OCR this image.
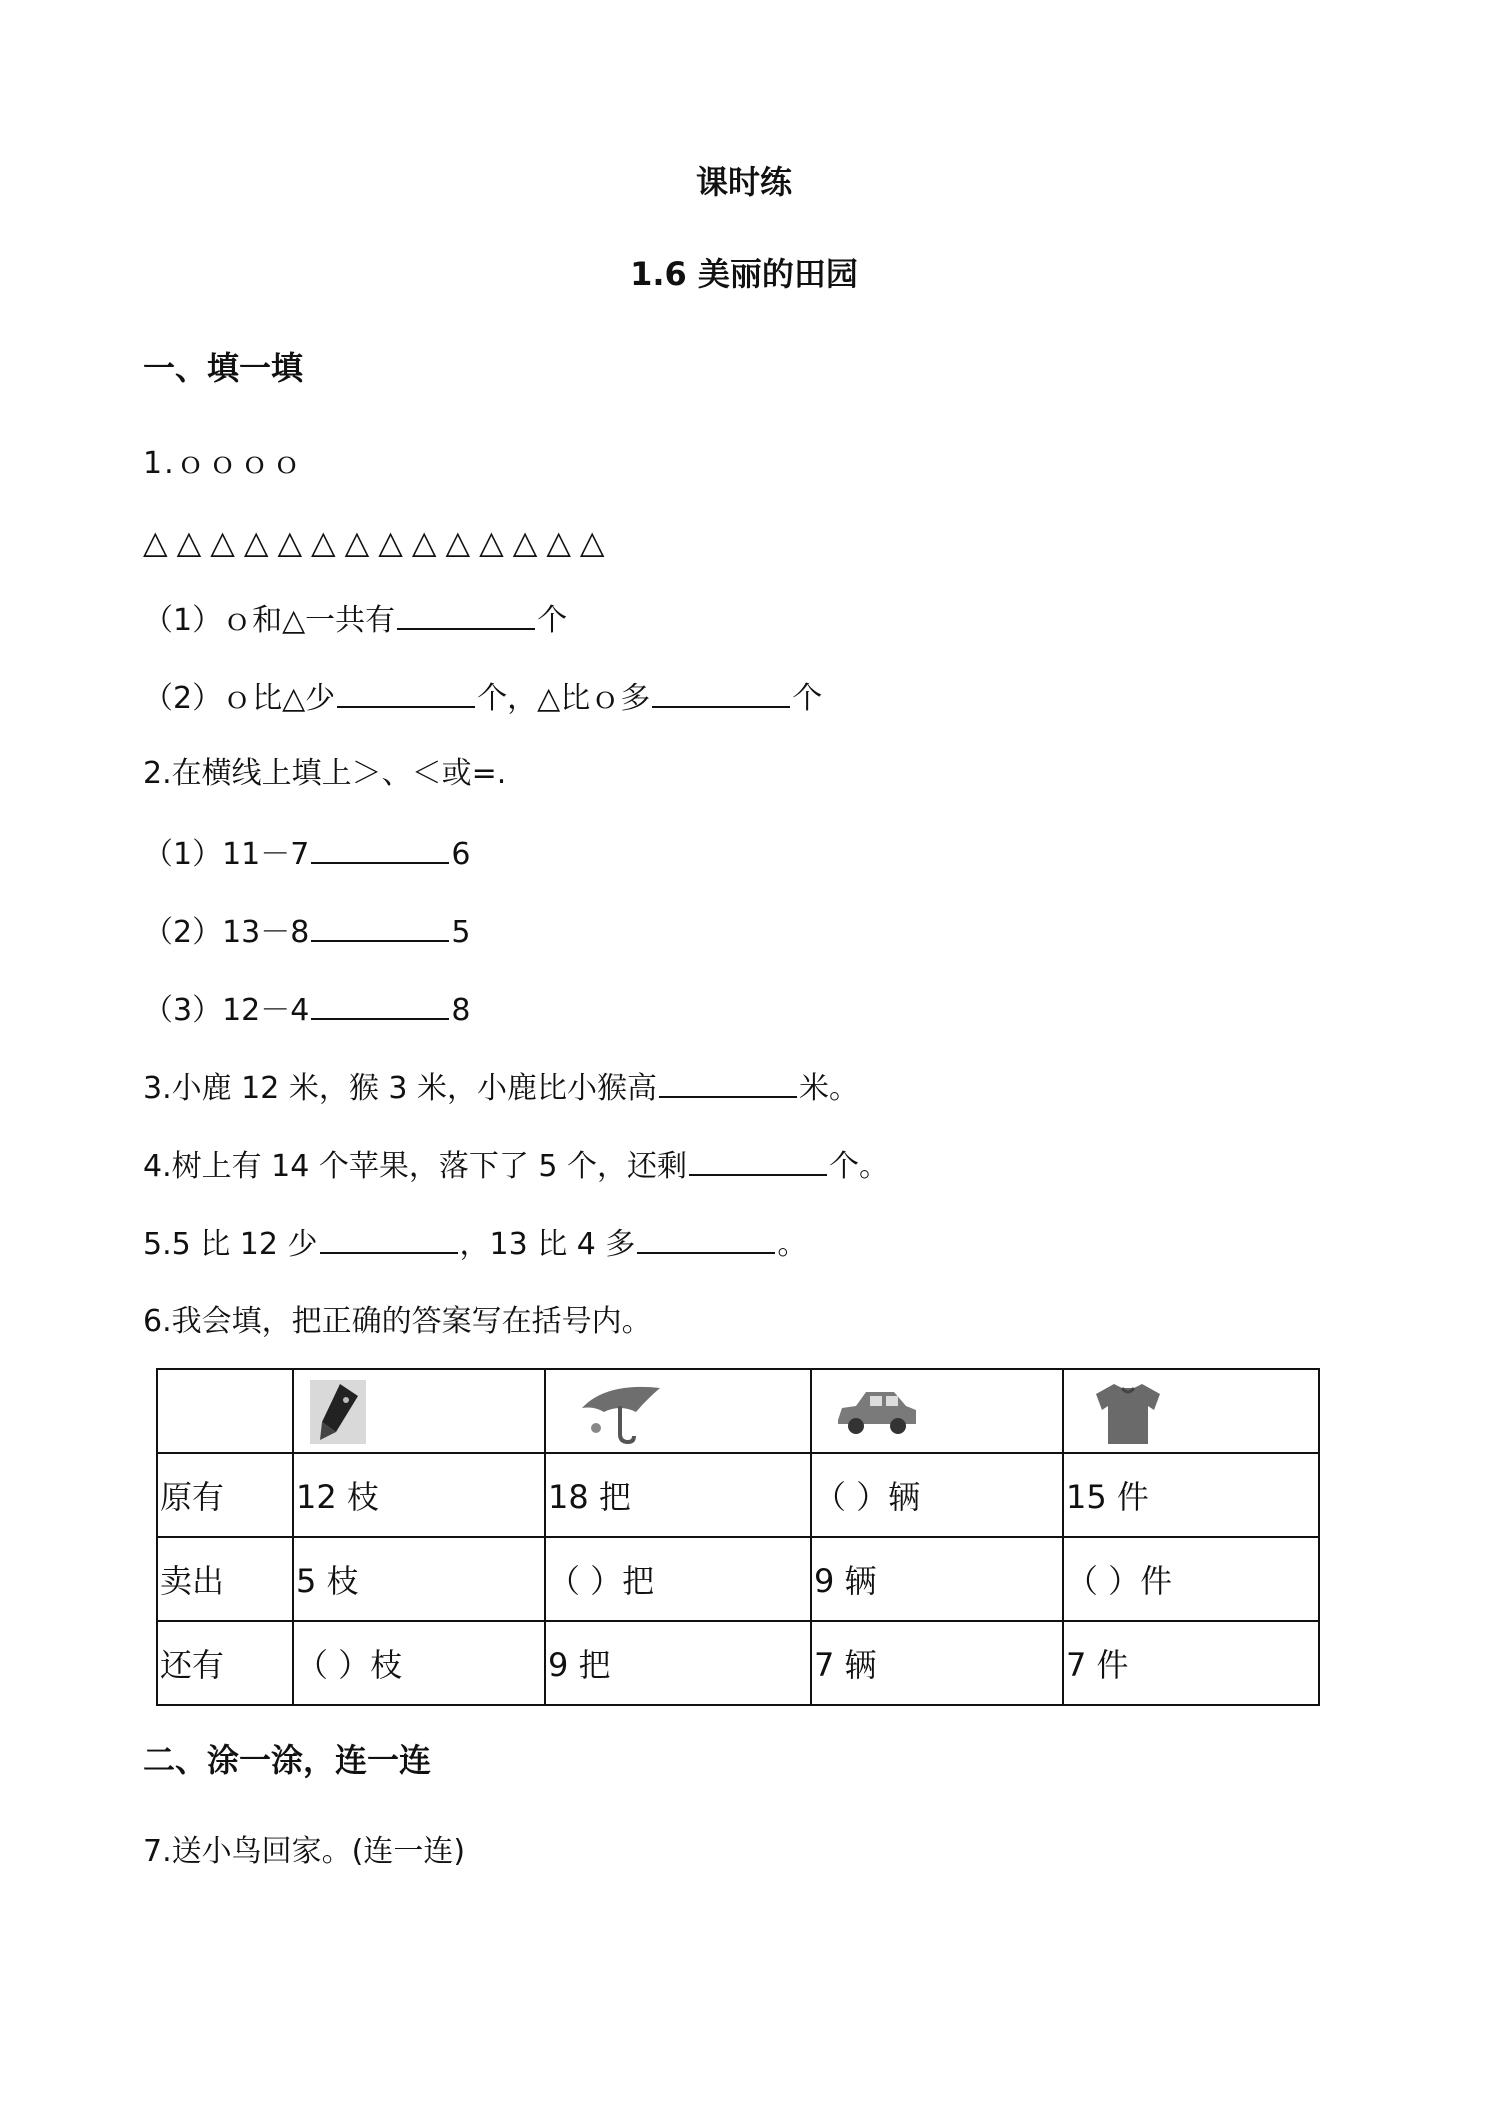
课时练
1.6 美丽的田园
一、填一填
1.ｏｏｏｏ
△△△△△△△△△△△△△△
（1）ｏ和△一共有	个
（2）ｏ比△少	个，△比ｏ多	个
2.在横线上填上＞、＜或=.
（1）11－7	6
（2）13－8	5
（3）12－4	8
3.小鹿 12 米，猴 3 米，小鹿比小猴高	米。
4.树上有 14 个苹果，落下了 5 个，还剩	个。
5.5 比 12 少	，13 比 4 多	。
6.我会填，把正确的答案写在括号内。

原有	12 枝	18 把	（ ）辆	15 件
卖出	5 枝	（ ）把	9 辆	（ ）件
还有	（ ）枝	9 把	7 辆	7 件
二、涂一涂，连一连
7.送小鸟回家。(连一连)
